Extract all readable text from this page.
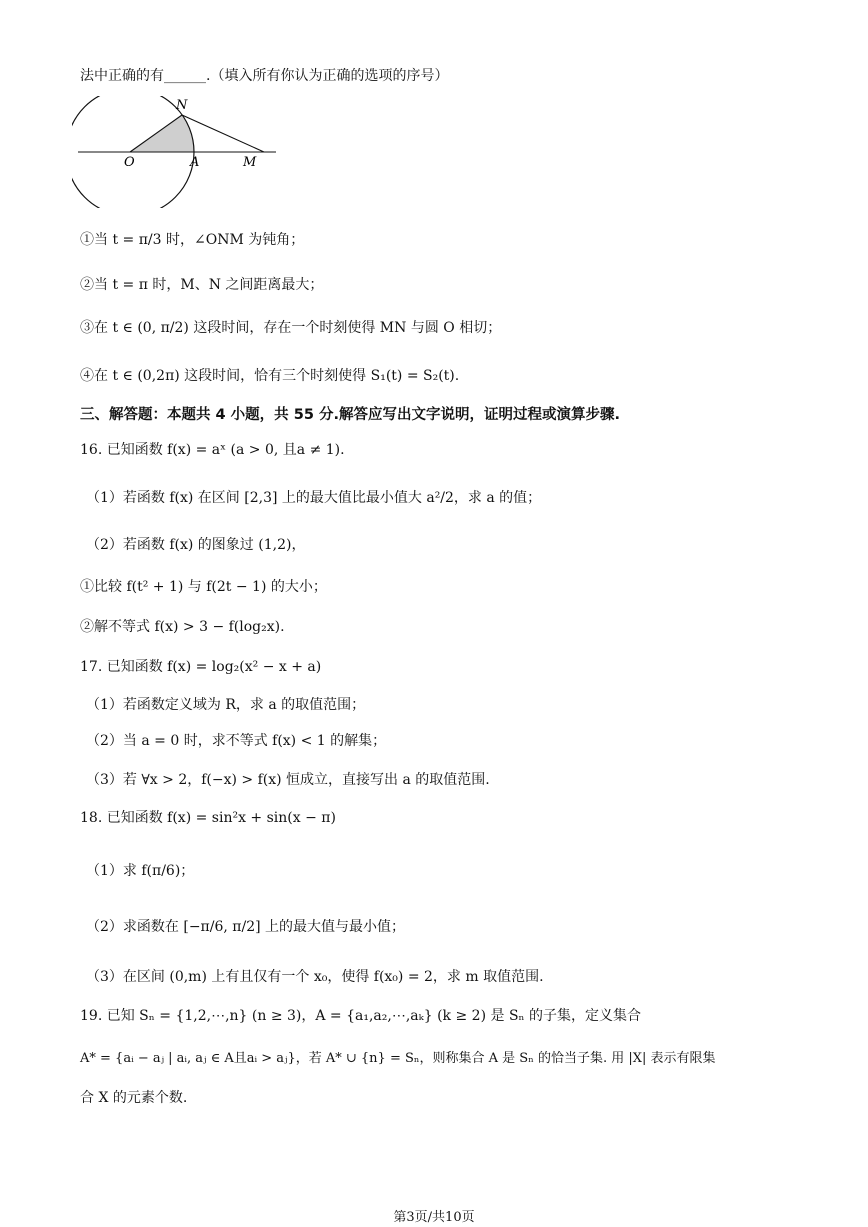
法中正确的有______.（填入所有你认为正确的选项的序号）
N
O	A	M
①当 t = π/3 时，∠ONM 为钝角；
②当 t = π 时，M、N 之间距离最大；
③在 t ∈ (0, π/2) 这段时间，存在一个时刻使得 MN 与圆 O 相切；
④在 t ∈ (0,2π) 这段时间，恰有三个时刻使得 S₁(t) = S₂(t).
三、解答题：本题共 4 小题，共 55 分.解答应写出文字说明，证明过程或演算步骤.
16. 已知函数 f(x) = aˣ (a > 0, 且a ≠ 1).
（1）若函数 f(x) 在区间 [2,3] 上的最大值比最小值大 a²/2，求 a 的值；
（2）若函数 f(x) 的图象过 (1,2)，
①比较 f(t² + 1) 与 f(2t − 1) 的大小；
②解不等式 f(x) > 3 − f(log₂x).
17. 已知函数 f(x) = log₂(x² − x + a)
（1）若函数定义域为 R，求 a 的取值范围；
（2）当 a = 0 时，求不等式 f(x) < 1 的解集；
（3）若 ∀x > 2，f(−x) > f(x) 恒成立，直接写出 a 的取值范围.
18. 已知函数 f(x) = sin²x + sin(x − π)
（1）求 f(π/6)；
（2）求函数在 [−π/6, π/2] 上的最大值与最小值；
（3）在区间 (0,m) 上有且仅有一个 x₀，使得 f(x₀) = 2，求 m 取值范围.
19. 已知 Sₙ = {1,2,⋯,n} (n ≥ 3)，A = {a₁,a₂,⋯,aₖ} (k ≥ 2) 是 Sₙ 的子集，定义集合
A* = {aᵢ − aⱼ | aᵢ, aⱼ ∈ A且aᵢ > aⱼ}，若 A* ∪ {n} = Sₙ，则称集合 A 是 Sₙ 的恰当子集. 用 |X| 表示有限集
合 X 的元素个数.
第3页/共10页
